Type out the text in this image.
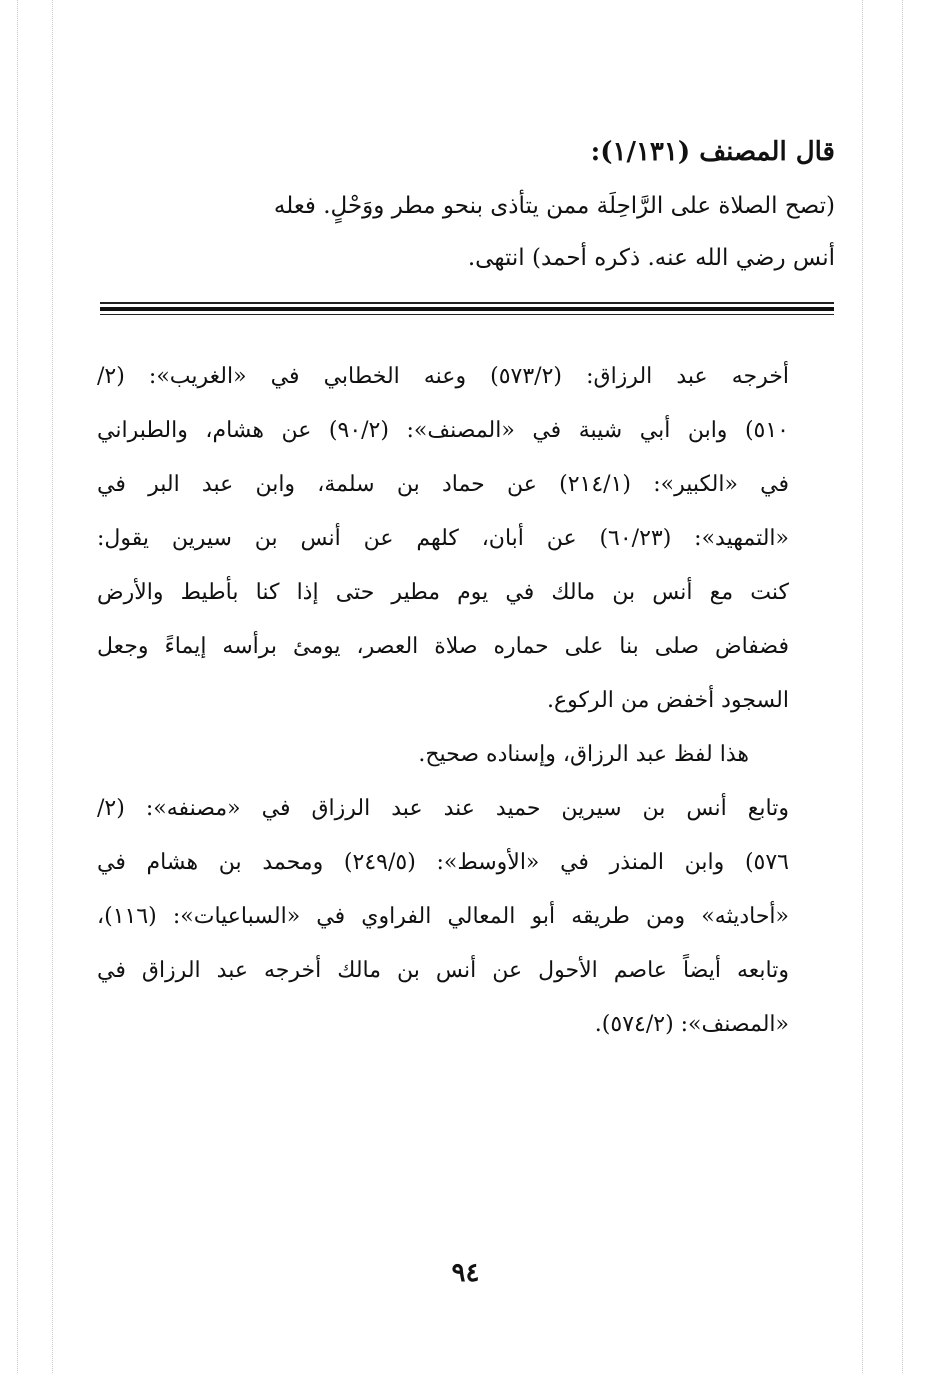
قال المصنف (١/١٣١):

(تصح الصلاة على الرَّاحِلَة ممن يتأذى بنحو مطر ووَحْلٍ. فعله

أنس رضي الله عنه. ذكره أحمد) انتهى.

أخرجه عبد الرزاق: (٥٧٣/٢) وعنه الخطابي في «الغريب»: (٢/
٥١٠) وابن أبي شيبة في «المصنف»: (٩٠/٢) عن هشام، والطبراني
في «الكبير»: (٢١٤/١) عن حماد بن سلمة، وابن عبد البر في
«التمهيد»: (٦٠/٢٣) عن أبان، كلهم عن أنس بن سيرين يقول:
كنت مع أنس بن مالك في يوم مطير حتى إذا كنا بأطيط والأرض
فضفاض صلى بنا على حماره صلاة العصر، يومئ برأسه إيماءً وجعل
السجود أخفض من الركوع.
هذا لفظ عبد الرزاق، وإسناده صحيح.
وتابع أنس بن سيرين حميد عند عبد الرزاق في «مصنفه»: (٢/
٥٧٦) وابن المنذر في «الأوسط»: (٢٤٩/٥) ومحمد بن هشام في
«أحاديثه» ومن طريقه أبو المعالي الفراوي في «السباعيات»: (١١٦)،
وتابعه أيضاً عاصم الأحول عن أنس بن مالك أخرجه عبد الرزاق في
«المصنف»: (٥٧٤/٢).
٩٤
